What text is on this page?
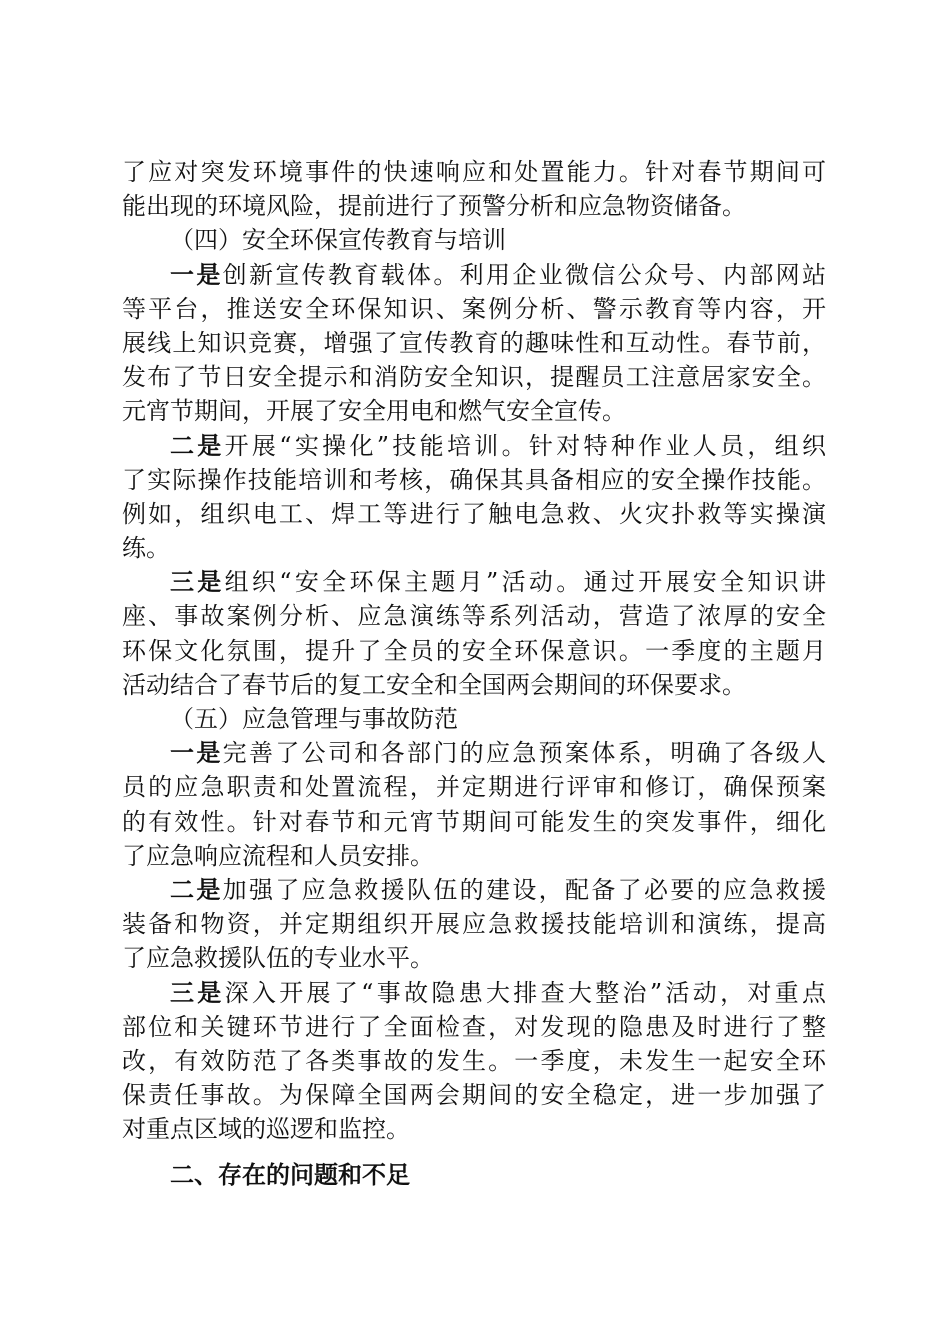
了应对突发环境事件的快速响应和处置能力。针对春节期间可
能出现的环境风险，提前进行了预警分析和应急物资储备。
（四）安全环保宣传教育与培训
一是创新宣传教育载体。利用企业微信公众号、内部网站
等平台，推送安全环保知识、案例分析、警示教育等内容，开
展线上知识竞赛，增强了宣传教育的趣味性和互动性。春节前，
发布了节日安全提示和消防安全知识，提醒员工注意居家安全。
元宵节期间，开展了安全用电和燃气安全宣传。
二是开展“实操化”技能培训。针对特种作业人员，组织
了实际操作技能培训和考核，确保其具备相应的安全操作技能。
例如，组织电工、焊工等进行了触电急救、火灾扑救等实操演
练。
三是组织“安全环保主题月”活动。通过开展安全知识讲
座、事故案例分析、应急演练等系列活动，营造了浓厚的安全
环保文化氛围，提升了全员的安全环保意识。一季度的主题月
活动结合了春节后的复工安全和全国两会期间的环保要求。
（五）应急管理与事故防范
一是完善了公司和各部门的应急预案体系，明确了各级人
员的应急职责和处置流程，并定期进行评审和修订，确保预案
的有效性。针对春节和元宵节期间可能发生的突发事件，细化
了应急响应流程和人员安排。
二是加强了应急救援队伍的建设，配备了必要的应急救援
装备和物资，并定期组织开展应急救援技能培训和演练，提高
了应急救援队伍的专业水平。
三是深入开展了“事故隐患大排查大整治”活动，对重点
部位和关键环节进行了全面检查，对发现的隐患及时进行了整
改，有效防范了各类事故的发生。一季度，未发生一起安全环
保责任事故。为保障全国两会期间的安全稳定，进一步加强了
对重点区域的巡逻和监控。
二、存在的问题和不足
